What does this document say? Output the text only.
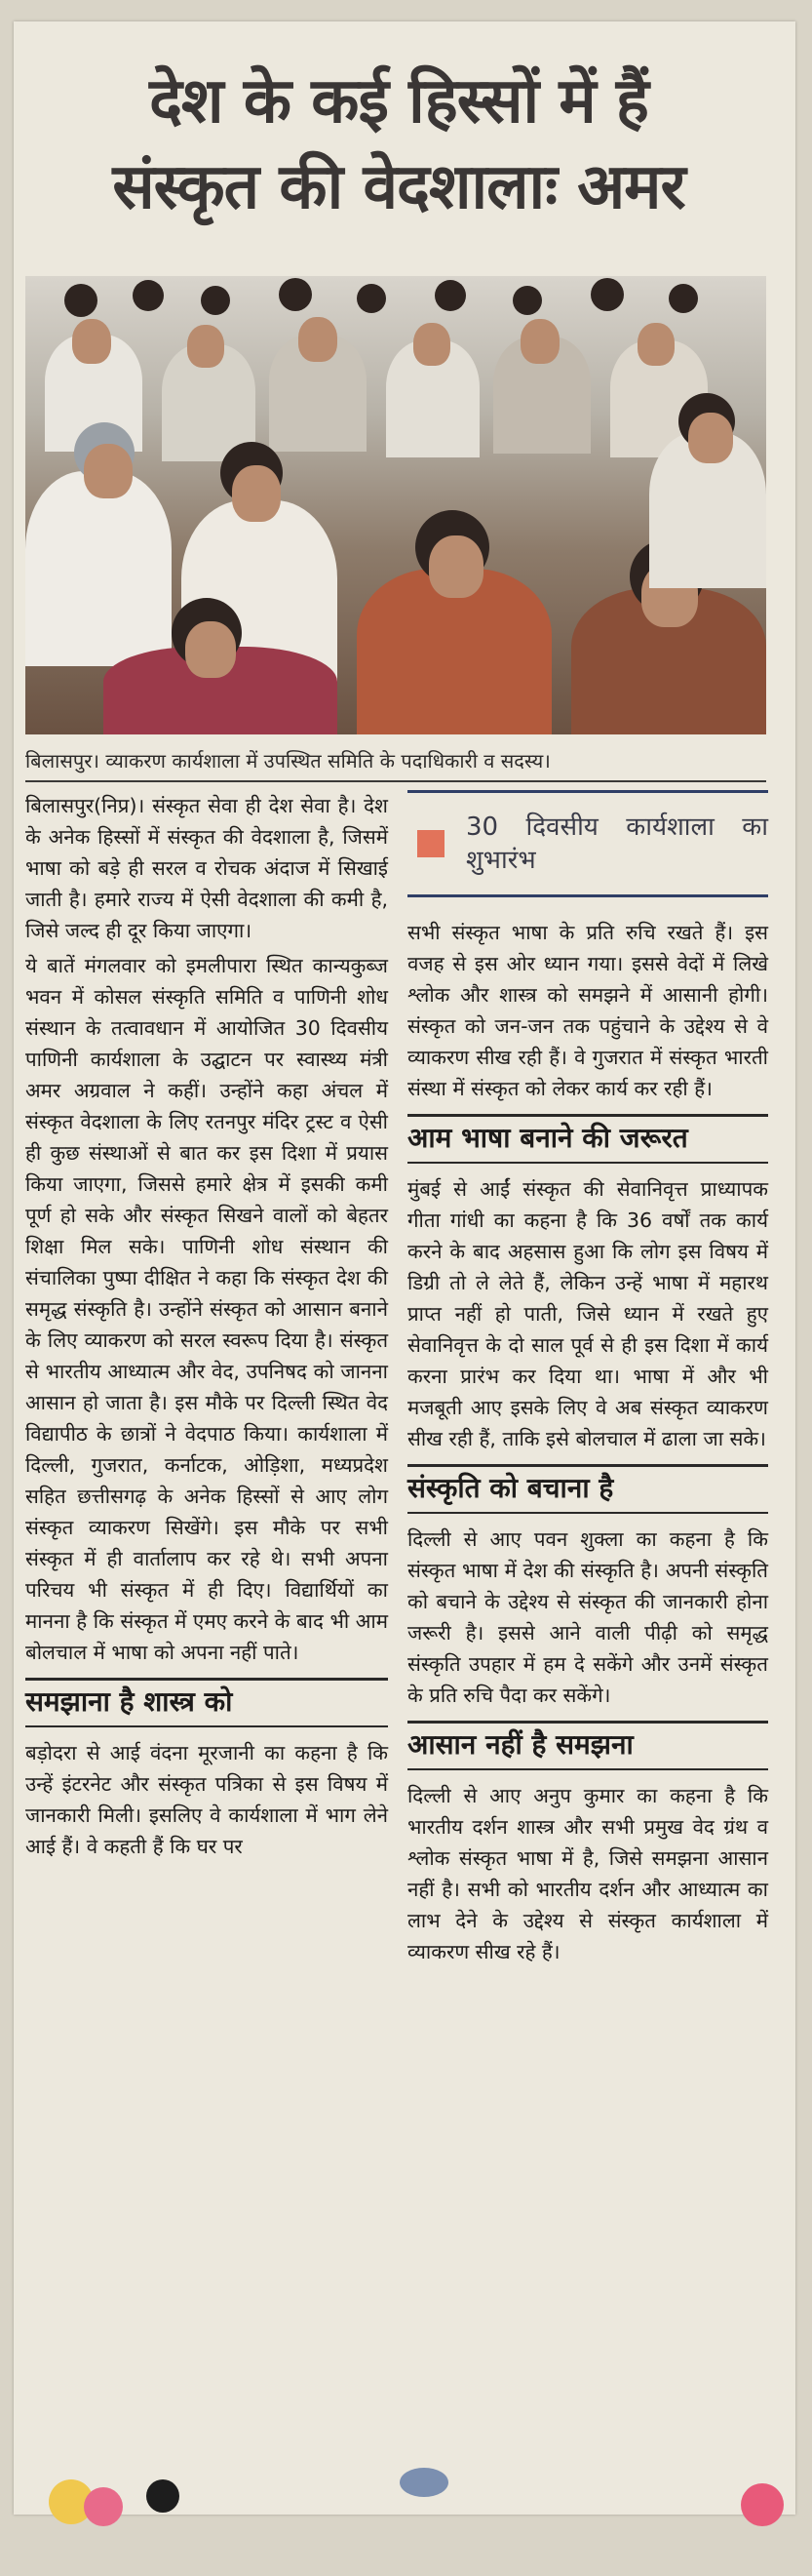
देश के कई हिस्सों में हैं
संस्कृत की वेदशालाः अमर
बिलासपुर। व्याकरण कार्यशाला में उपस्थित समिति के पदाधिकारी व सदस्य।

बिलासपुर(निप्र)। संस्कृत सेवा ही देश सेवा है। देश के अनेक हिस्सों में संस्कृत की वेदशाला है, जिसमें भाषा को बड़े ही सरल व रोचक अंदाज में सिखाई जाती है। हमारे राज्य में ऐसी वेदशाला की कमी है, जिसे जल्द ही दूर किया जाएगा।

ये बातें मंगलवार को इमलीपारा स्थित कान्यकुब्ज भवन में कोसल संस्कृति समिति व पाणिनी शोध संस्थान के तत्वावधान में आयोजित 30 दिवसीय पाणिनी कार्यशाला के उद्घाटन पर स्वास्थ्य मंत्री अमर अग्रवाल ने कहीं। उन्होंने कहा अंचल में संस्कृत वेदशाला के लिए रतनपुर मंदिर ट्रस्ट व ऐसी ही कुछ संस्थाओं से बात कर इस दिशा में प्रयास किया जाएगा, जिससे हमारे क्षेत्र में इसकी कमी पूर्ण हो सके और संस्कृत सिखने वालों को बेहतर शिक्षा मिल सके। पाणिनी शोध संस्थान की संचालिका पुष्पा दीक्षित ने कहा कि संस्कृत देश की समृद्ध संस्कृति है। उन्होंने संस्कृत को आसान बनाने के लिए व्याकरण को सरल स्वरूप दिया है। संस्कृत से भारतीय आध्यात्म और वेद, उपनिषद को जानना आसान हो जाता है। इस मौके पर दिल्ली स्थित वेद विद्यापीठ के छात्रों ने वेदपाठ किया। कार्यशाला में दिल्ली, गुजरात, कर्नाटक, ओड़िशा, मध्यप्रदेश सहित छत्तीसगढ़ के अनेक हिस्सों से आए लोग संस्कृत व्याकरण सिखेंगे। इस मौके पर सभी संस्कृत में ही वार्तालाप कर रहे थे। सभी अपना परिचय भी संस्कृत में ही दिए। विद्यार्थियों का मानना है कि संस्कृत में एमए करने के बाद भी आम बोलचाल में भाषा को अपना नहीं पाते।

समझाना है शास्त्र को

बड़ोदरा से आई वंदना मूरजानी का कहना है कि उन्हें इंटरनेट और संस्कृत पत्रिका से इस विषय में जानकारी मिली। इसलिए वे कार्यशाला में भाग लेने आई हैं। वे कहती हैं कि घर पर

30 दिवसीय कार्यशाला का शुभारंभ

सभी संस्कृत भाषा के प्रति रुचि रखते हैं। इस वजह से इस ओर ध्यान गया। इससे वेदों में लिखे श्लोक और शास्त्र को समझने में आसानी होगी। संस्कृत को जन-जन तक पहुंचाने के उद्देश्य से वे व्याकरण सीख रही हैं। वे गुजरात में संस्कृत भारती संस्था में संस्कृत को लेकर कार्य कर रही हैं।

आम भाषा बनाने की जरूरत

मुंबई से आईं संस्कृत की सेवानिवृत्त प्राध्यापक गीता गांधी का कहना है कि 36 वर्षों तक कार्य करने के बाद अहसास हुआ कि लोग इस विषय में डिग्री तो ले लेते हैं, लेकिन उन्हें भाषा में महारथ प्राप्त नहीं हो पाती, जिसे ध्यान में रखते हुए सेवानिवृत्त के दो साल पूर्व से ही इस दिशा में कार्य करना प्रारंभ कर दिया था। भाषा में और भी मजबूती आए इसके लिए वे अब संस्कृत व्याकरण सीख रही हैं, ताकि इसे बोलचाल में ढाला जा सके।

संस्कृति को बचाना है

दिल्ली से आए पवन शुक्ला का कहना है कि संस्कृत भाषा में देश की संस्कृति है। अपनी संस्कृति को बचाने के उद्देश्य से संस्कृत की जानकारी होना जरूरी है। इससे आने वाली पीढ़ी को समृद्ध संस्कृति उपहार में हम दे सकेंगे और उनमें संस्कृत के प्रति रुचि पैदा कर सकेंगे।

आसान नहीं है समझना

दिल्ली से आए अनुप कुमार का कहना है कि भारतीय दर्शन शास्त्र और सभी प्रमुख वेद ग्रंथ व श्लोक संस्कृत भाषा में है, जिसे समझना आसान नहीं है। सभी को भारतीय दर्शन और आध्यात्म का लाभ देने के उद्देश्य से संस्कृत कार्यशाला में व्याकरण सीख रहे हैं।
